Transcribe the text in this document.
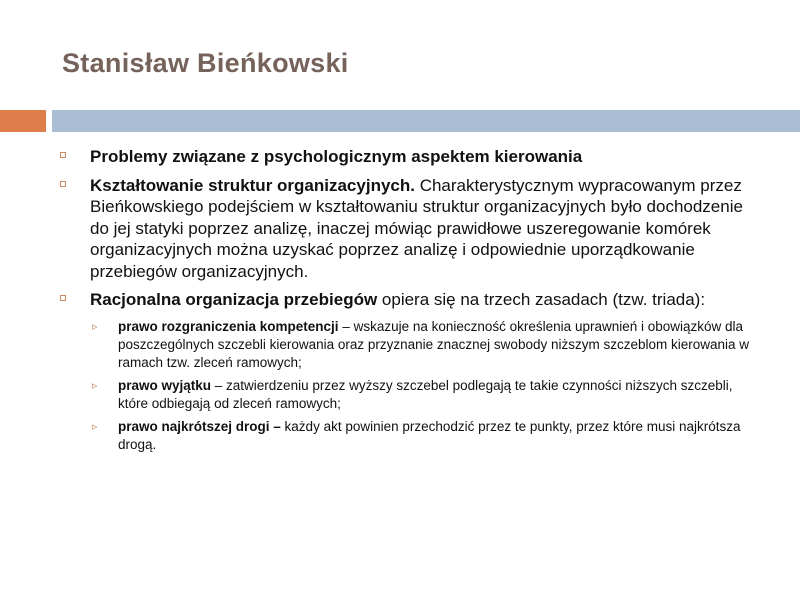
Stanisław Bieńkowski
Problemy związane z psychologicznym aspektem kierowania
Kształtowanie struktur organizacyjnych. Charakterystycznym wypracowanym przez Bieńkowskiego podejściem w kształtowaniu struktur organizacyjnych było dochodzenie do jej statyki poprzez analizę, inaczej mówiąc prawidłowe uszeregowanie komórek organizacyjnych można uzyskać poprzez analizę i odpowiednie uporządkowanie przebiegów organizacyjnych.
Racjonalna organizacja przebiegów opiera się na trzech zasadach (tzw. triada):
▹ prawo rozgraniczenia kompetencji – wskazuje na konieczność określenia uprawnień i obowiązków dla poszczególnych szczebli kierowania oraz przyznanie znacznej swobody niższym szczeblom kierowania w ramach tzw. zleceń ramowych;
▹ prawo wyjątku – zatwierdzeniu przez wyższy szczebel podlegają te takie czynności niższych szczebli, które odbiegają od zleceń ramowych;
▹ prawo najkrótszej drogi – każdy akt powinien przechodzić przez te punkty, przez które musi najkrótsza drogą.
